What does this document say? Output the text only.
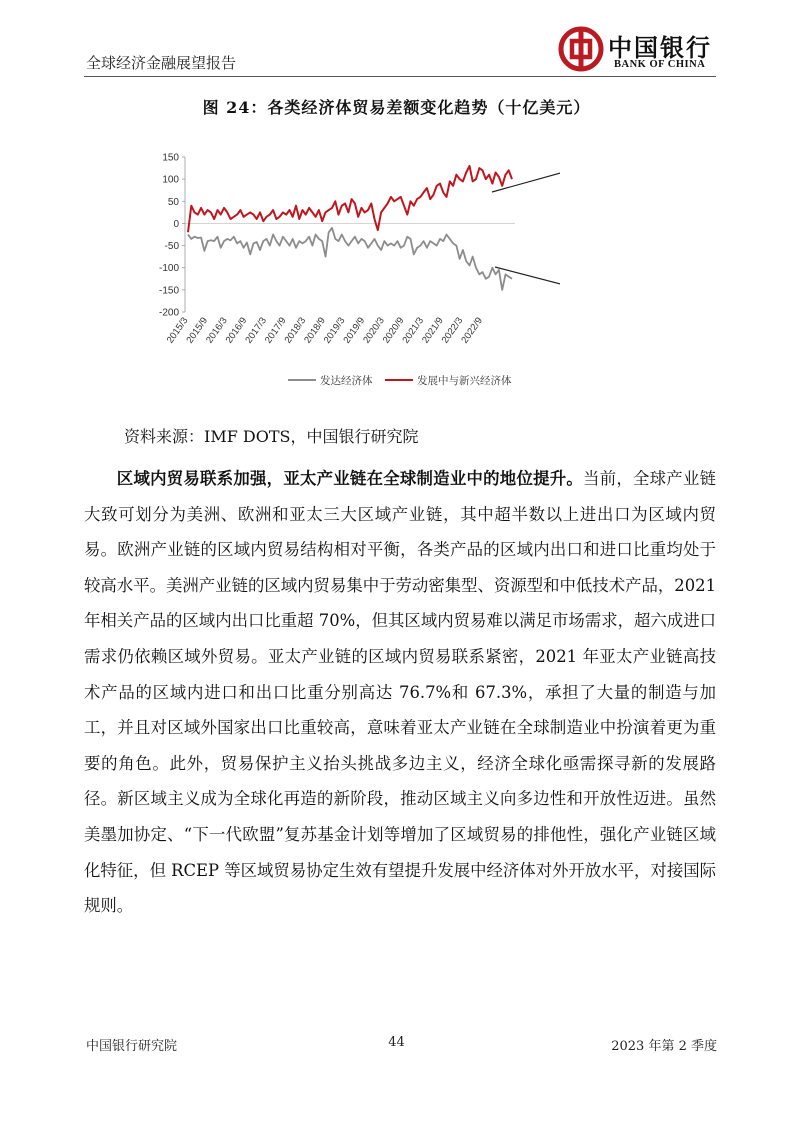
全球经济金融展望报告
中国银行
BANK OF CHINA
图 24：各类经济体贸易差额变化趋势（十亿美元）
150
100
50
0
-50
-100
-150
-200
2015/3
2015/9
2016/3
2016/9
2017/3
2017/9
2018/3
2018/9
2019/3
2019/9
2020/3
2020/9
2021/3
2021/9
2022/3
2022/9
发达经济体	发展中与新兴经济体
资料来源：IMF DOTS，中国银行研究院
区域内贸易联系加强，亚太产业链在全球制造业中的地位提升。当前，全球产业链大致可划分为美洲、欧洲和亚太三大区域产业链，其中超半数以上进出口为区域内贸易。欧洲产业链的区域内贸易结构相对平衡，各类产品的区域内出口和进口比重均处于较高水平。美洲产业链的区域内贸易集中于劳动密集型、资源型和中低技术产品，2021 年相关产品的区域内出口比重超 70%，但其区域内贸易难以满足市场需求，超六成进口需求仍依赖区域外贸易。亚太产业链的区域内贸易联系紧密，2021 年亚太产业链高技术产品的区域内进口和出口比重分别高达 76.7%和 67.3%，承担了大量的制造与加工，并且对区域外国家出口比重较高，意味着亚太产业链在全球制造业中扮演着更为重要的角色。此外，贸易保护主义抬头挑战多边主义，经济全球化亟需探寻新的发展路径。新区域主义成为全球化再造的新阶段，推动区域主义向多边性和开放性迈进。虽然美墨加协定、“下一代欧盟”复苏基金计划等增加了区域贸易的排他性，强化产业链区域化特征，但 RCEP 等区域贸易协定生效有望提升发展中经济体对外开放水平，对接国际规则。
中国银行研究院	44	2023 年第 2 季度
